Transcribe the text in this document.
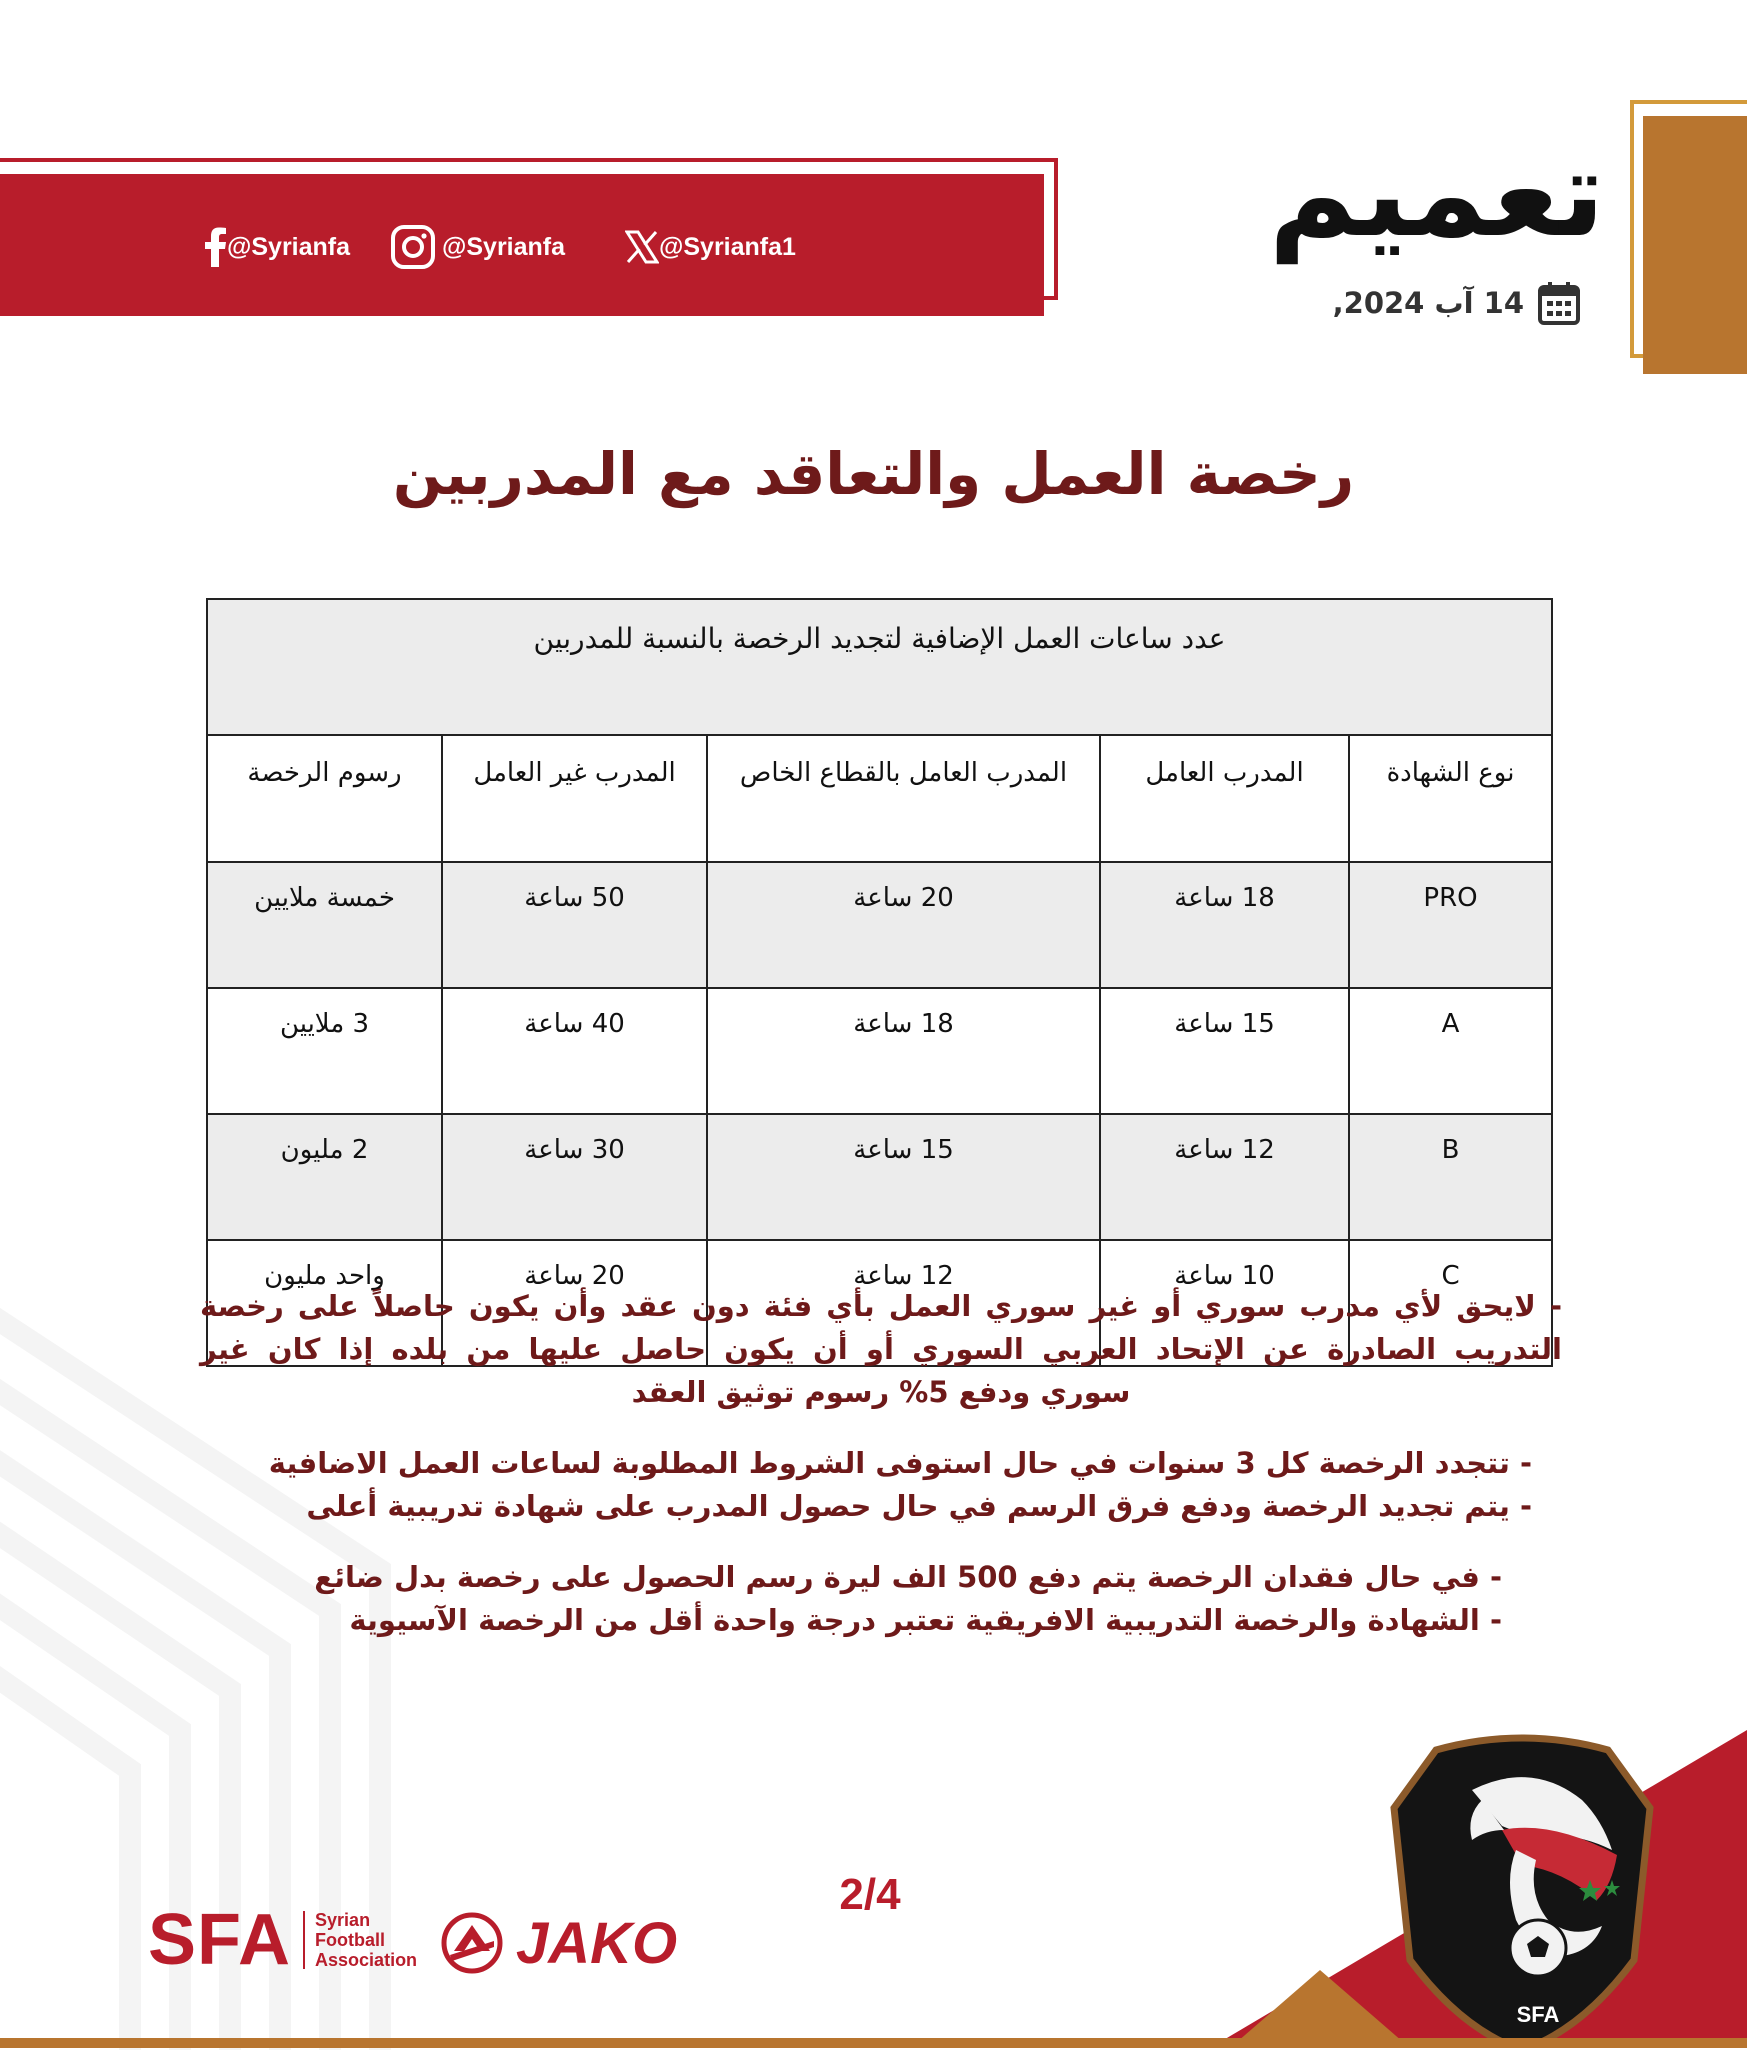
@Syrianfa	@Syrianfa	@Syrianfa1	تعميم
14 آب 2024,
رخصة العمل والتعاقد مع المدربين
عدد ساعات العمل الإضافية لتجديد الرخصة بالنسبة للمدربين				
نوع الشهادة	المدرب العامل	المدرب العامل بالقطاع الخاص	المدرب غير العامل	رسوم الرخصة
PRO	18 ساعة	20 ساعة	50 ساعة	خمسة ملايين
A	15 ساعة	18 ساعة	40 ساعة	3 ملايين
B	12 ساعة	15 ساعة	30 ساعة	2 مليون
C	10 ساعة	12 ساعة	20 ساعة	واحد مليون
- لايحق لأي مدرب سوري أو غير سوري العمل بأي فئة دون عقد وأن يكون حاصلاً على رخصة
التدريب الصادرة عن الإتحاد العربي السوري أو أن يكون حاصل عليها من بلده إذا كان غير
سوري ودفع 5% رسوم توثيق العقد
- تتجدد الرخصة كل 3 سنوات في حال استوفى الشروط المطلوبة لساعات العمل الاضافية
- يتم تجديد الرخصة ودفع فرق الرسم في حال حصول المدرب على شهادة تدريبية أعلى
- في حال فقدان الرخصة يتم دفع 500 الف ليرة رسم الحصول على رخصة بدل ضائع
- الشهادة والرخصة التدريبية الافريقية تعتبر درجة واحدة أقل من الرخصة الآسيوية
2/4
SFA Syrian
Football
Association JAKO
SFA
